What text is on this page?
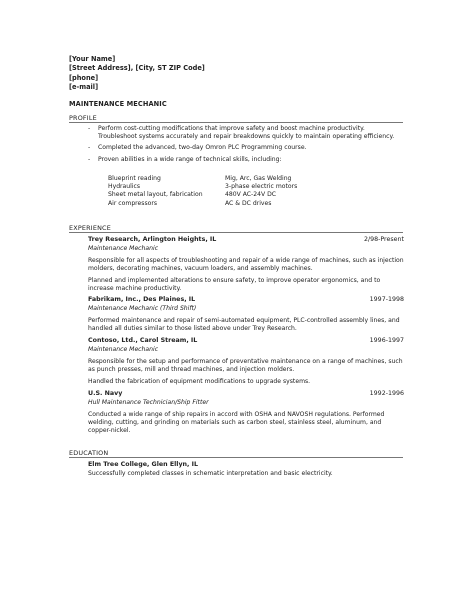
[Your Name]
[Street Address], [City, ST ZIP Code]
[phone]
[e-mail]
MAINTENANCE MECHANIC
PROFILE
- Perform cost-cutting modifications that improve safety and boost machine productivity. Troubleshoot systems accurately and repair breakdowns quickly to maintain operating efficiency.
- Completed the advanced, two-day Omron PLC Programming course.
- Proven abilities in a wide range of technical skills, including:
Blueprint reading	Mig, Arc, Gas Welding
Hydraulics	3-phase electric motors
Sheet metal layout, fabrication	480V AC-24V DC
Air compressors	AC & DC drives
EXPERIENCE
Trey Research, Arlington Heights, IL	2/98-Present
Maintenance Mechanic

Responsible for all aspects of troubleshooting and repair of a wide range of machines, such as injection molders, decorating machines, vacuum loaders, and assembly machines.

Planned and implemented alterations to ensure safety, to improve operator ergonomics, and to increase machine productivity.

Fabrikam, Inc., Des Plaines, IL	1997-1998
Maintenance Mechanic (Third Shift)

Performed maintenance and repair of semi-automated equipment, PLC-controlled assembly lines, and handled all duties similar to those listed above under Trey Research.

Contoso, Ltd., Carol Stream, IL	1996-1997
Maintenance Mechanic

Responsible for the setup and performance of preventative maintenance on a range of machines, such as punch presses, mill and thread machines, and injection molders.

Handled the fabrication of equipment modifications to upgrade systems.

U.S. Navy	1992-1996
Hull Maintenance Technician/Ship Fitter

Conducted a wide range of ship repairs in accord with OSHA and NAVOSH regulations. Performed welding, cutting, and grinding on materials such as carbon steel, stainless steel, aluminum, and copper-nickel.

EDUCATION
Elm Tree College, Glen Ellyn, IL

Successfully completed classes in schematic interpretation and basic electricity.
